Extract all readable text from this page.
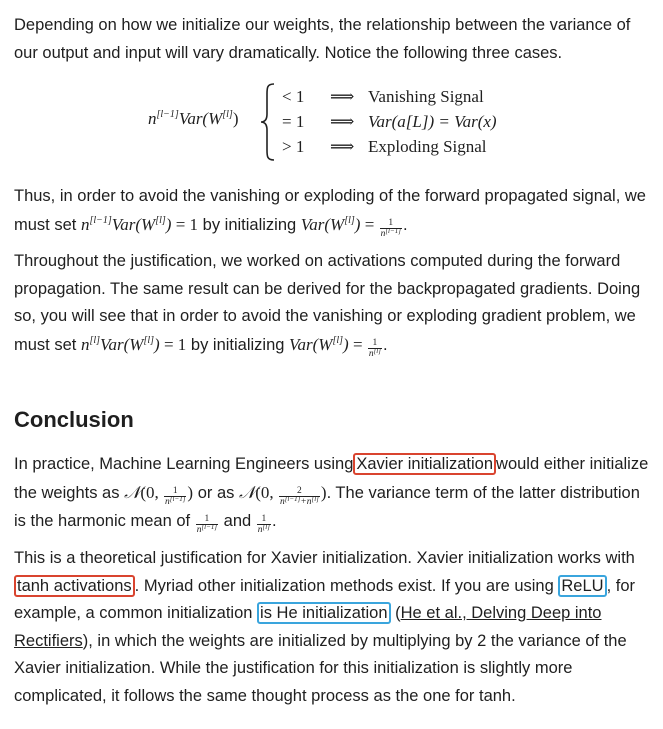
Depending on how we initialize our weights, the relationship between the variance of
our output and input will vary dramatically. Notice the following three cases.

n[l−1]Var(W[l])
< 1 ⟹ Vanishing Signal
= 1 ⟹ Var(a[L]) = Var(x)
> 1 ⟹ Exploding Signal

Thus, in order to avoid the vanishing or exploding of the forward propagated signal, we
must set n[l−1]Var(W[l]) = 1 by initializing $Var(W[l]) = \frac{1}{n^{[l-1]}}$ .

Throughout the justification, we worked on activations computed during the forward
propagation. The same result can be derived for the backpropagated gradients. Doing
so, you will see that in order to avoid the vanishing or exploding gradient problem, we
must set n[l]Var(W[l]) = 1 by initializing $Var(W[l]) = \frac{1}{n^{[l]}}$ .

Conclusion

In practice, Machine Learning Engineers using Xavier initialization would either initialize
the weights as 𝒩(0, $\frac{1}{n^{[l-1]}}$ ) or as 𝒩(0, $\frac{2}{n^{[l-1]}+n^{[l]}}$ ). The variance term of the latter distribution
is the harmonic mean of $\frac{1}{n^{[l-1]}}$ and $\frac{1}{n^{[l]}}$ .

This is a theoretical justification for Xavier initialization. Xavier initialization works with
tanh activations . Myriad other initialization methods exist. If you are using ReLU , for
example, a common initialization is He initialization (He et al., Delving Deep into
Rectifiers), in which the weights are initialized by multiplying by 2 the variance of the
Xavier initialization. While the justification for this initialization is slightly more
complicated, it follows the same thought process as the one for tanh.
